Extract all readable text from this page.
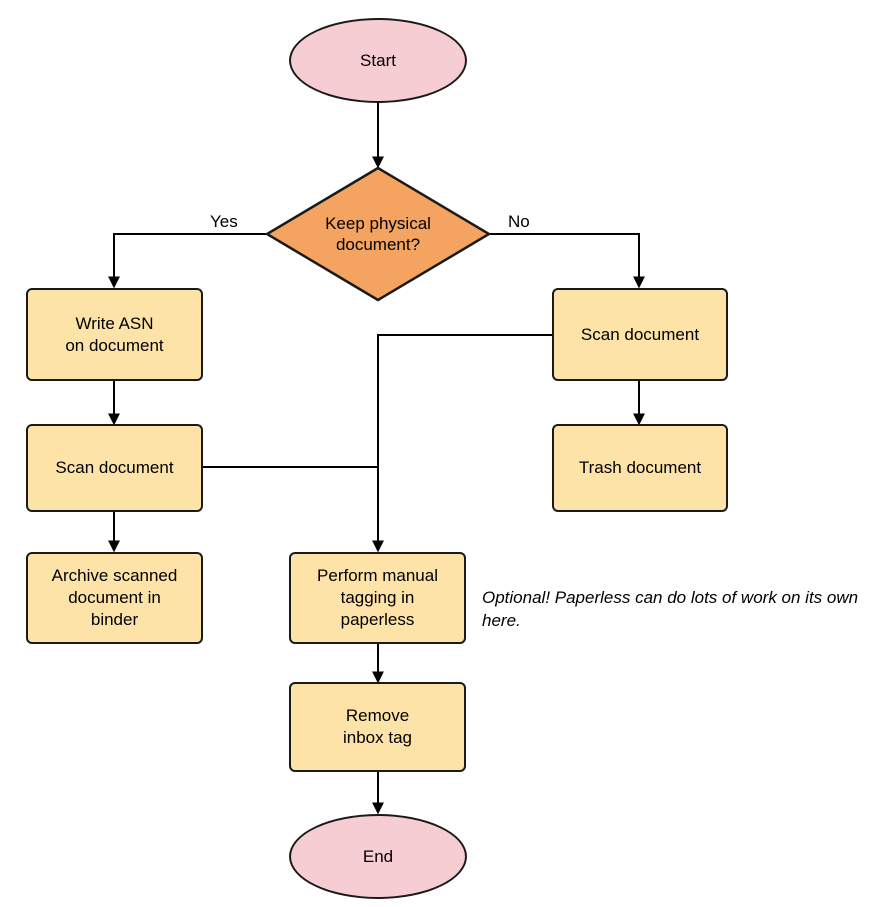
Start
Keep physical
document?
Yes	No
Write ASN
on document
Scan document
Archive scanned
document in
binder
Scan document
Trash document
Perform manual
tagging in
paperless
Remove
inbox tag
End
Optional! Paperless can do lots of work on its own here.
